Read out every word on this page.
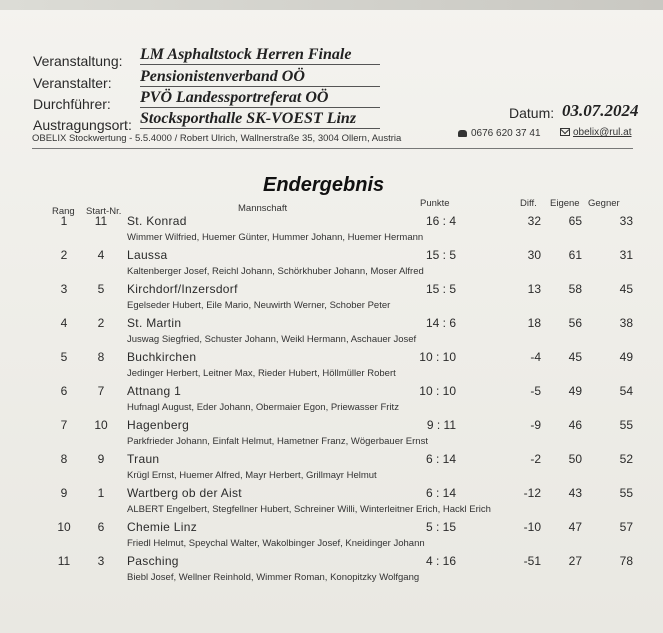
Veranstaltung: LM Asphaltstock Herren Finale
Veranstalter: Pensionistenverband OÖ
Durchführer: PVÖ Landessportreferat OÖ
Austragungsort: Stocksporthalle SK-VOEST Linz	Datum: 03.07.2024
OBELIX Stockwertung - 5.5.4000 / Robert Ulrich, Wallnerstraße 35, 3004 Ollern, Austria	0676 620 37 41	obelix@rul.at
Endergebnis
Rang Start-Nr.	Mannschaft	Punkte	Diff. Eigene Gegner
1	11	St. Konrad	16 : 4	32	65	33
Wimmer Wilfried, Huemer Günter, Hummer Johann, Huemer Hermann
2	4	Laussa	15 : 5	30	61	31
Kaltenberger Josef, Reichl Johann, Schörkhuber Johann, Moser Alfred
3	5	Kirchdorf/Inzersdorf	15 : 5	13	58	45
Egelseder Hubert, Eile Mario, Neuwirth Werner, Schober Peter
4	2	St. Martin	14 : 6	18	56	38
Juswag Siegfried, Schuster Johann, Weikl Hermann, Aschauer Josef
5	8	Buchkirchen	10 : 10	-4	45	49
Jedinger Herbert, Leitner Max, Rieder Hubert, Höllmüller Robert
6	7	Attnang 1	10 : 10	-5	49	54
Hufnagl August, Eder Johann, Obermaier Egon, Priewasser Fritz
7	10 Hagenberg	9 : 11	-9	46	55
Parkfrieder Johann, Einfalt Helmut, Hametner Franz, Wögerbauer Ernst
8	9	Traun	6 : 14	-2	50	52
Krügl Ernst, Huemer Alfred, Mayr Herbert, Grillmayr Helmut
9	1	Wartberg ob der Aist	6 : 14	-12	43	55
ALBERT Engelbert, Stegfellner Hubert, Schreiner Willi, Winterleitner Erich, Hackl Erich
10	6	Chemie Linz	5 : 15	-10	47	57
Friedl Helmut, Speychal Walter, Wakolbinger Josef, Kneidinger Johann
11	3	Pasching	4 : 16	-51	27	78
Biebl Josef, Wellner Reinhold, Wimmer Roman, Konopitzky Wolfgang
